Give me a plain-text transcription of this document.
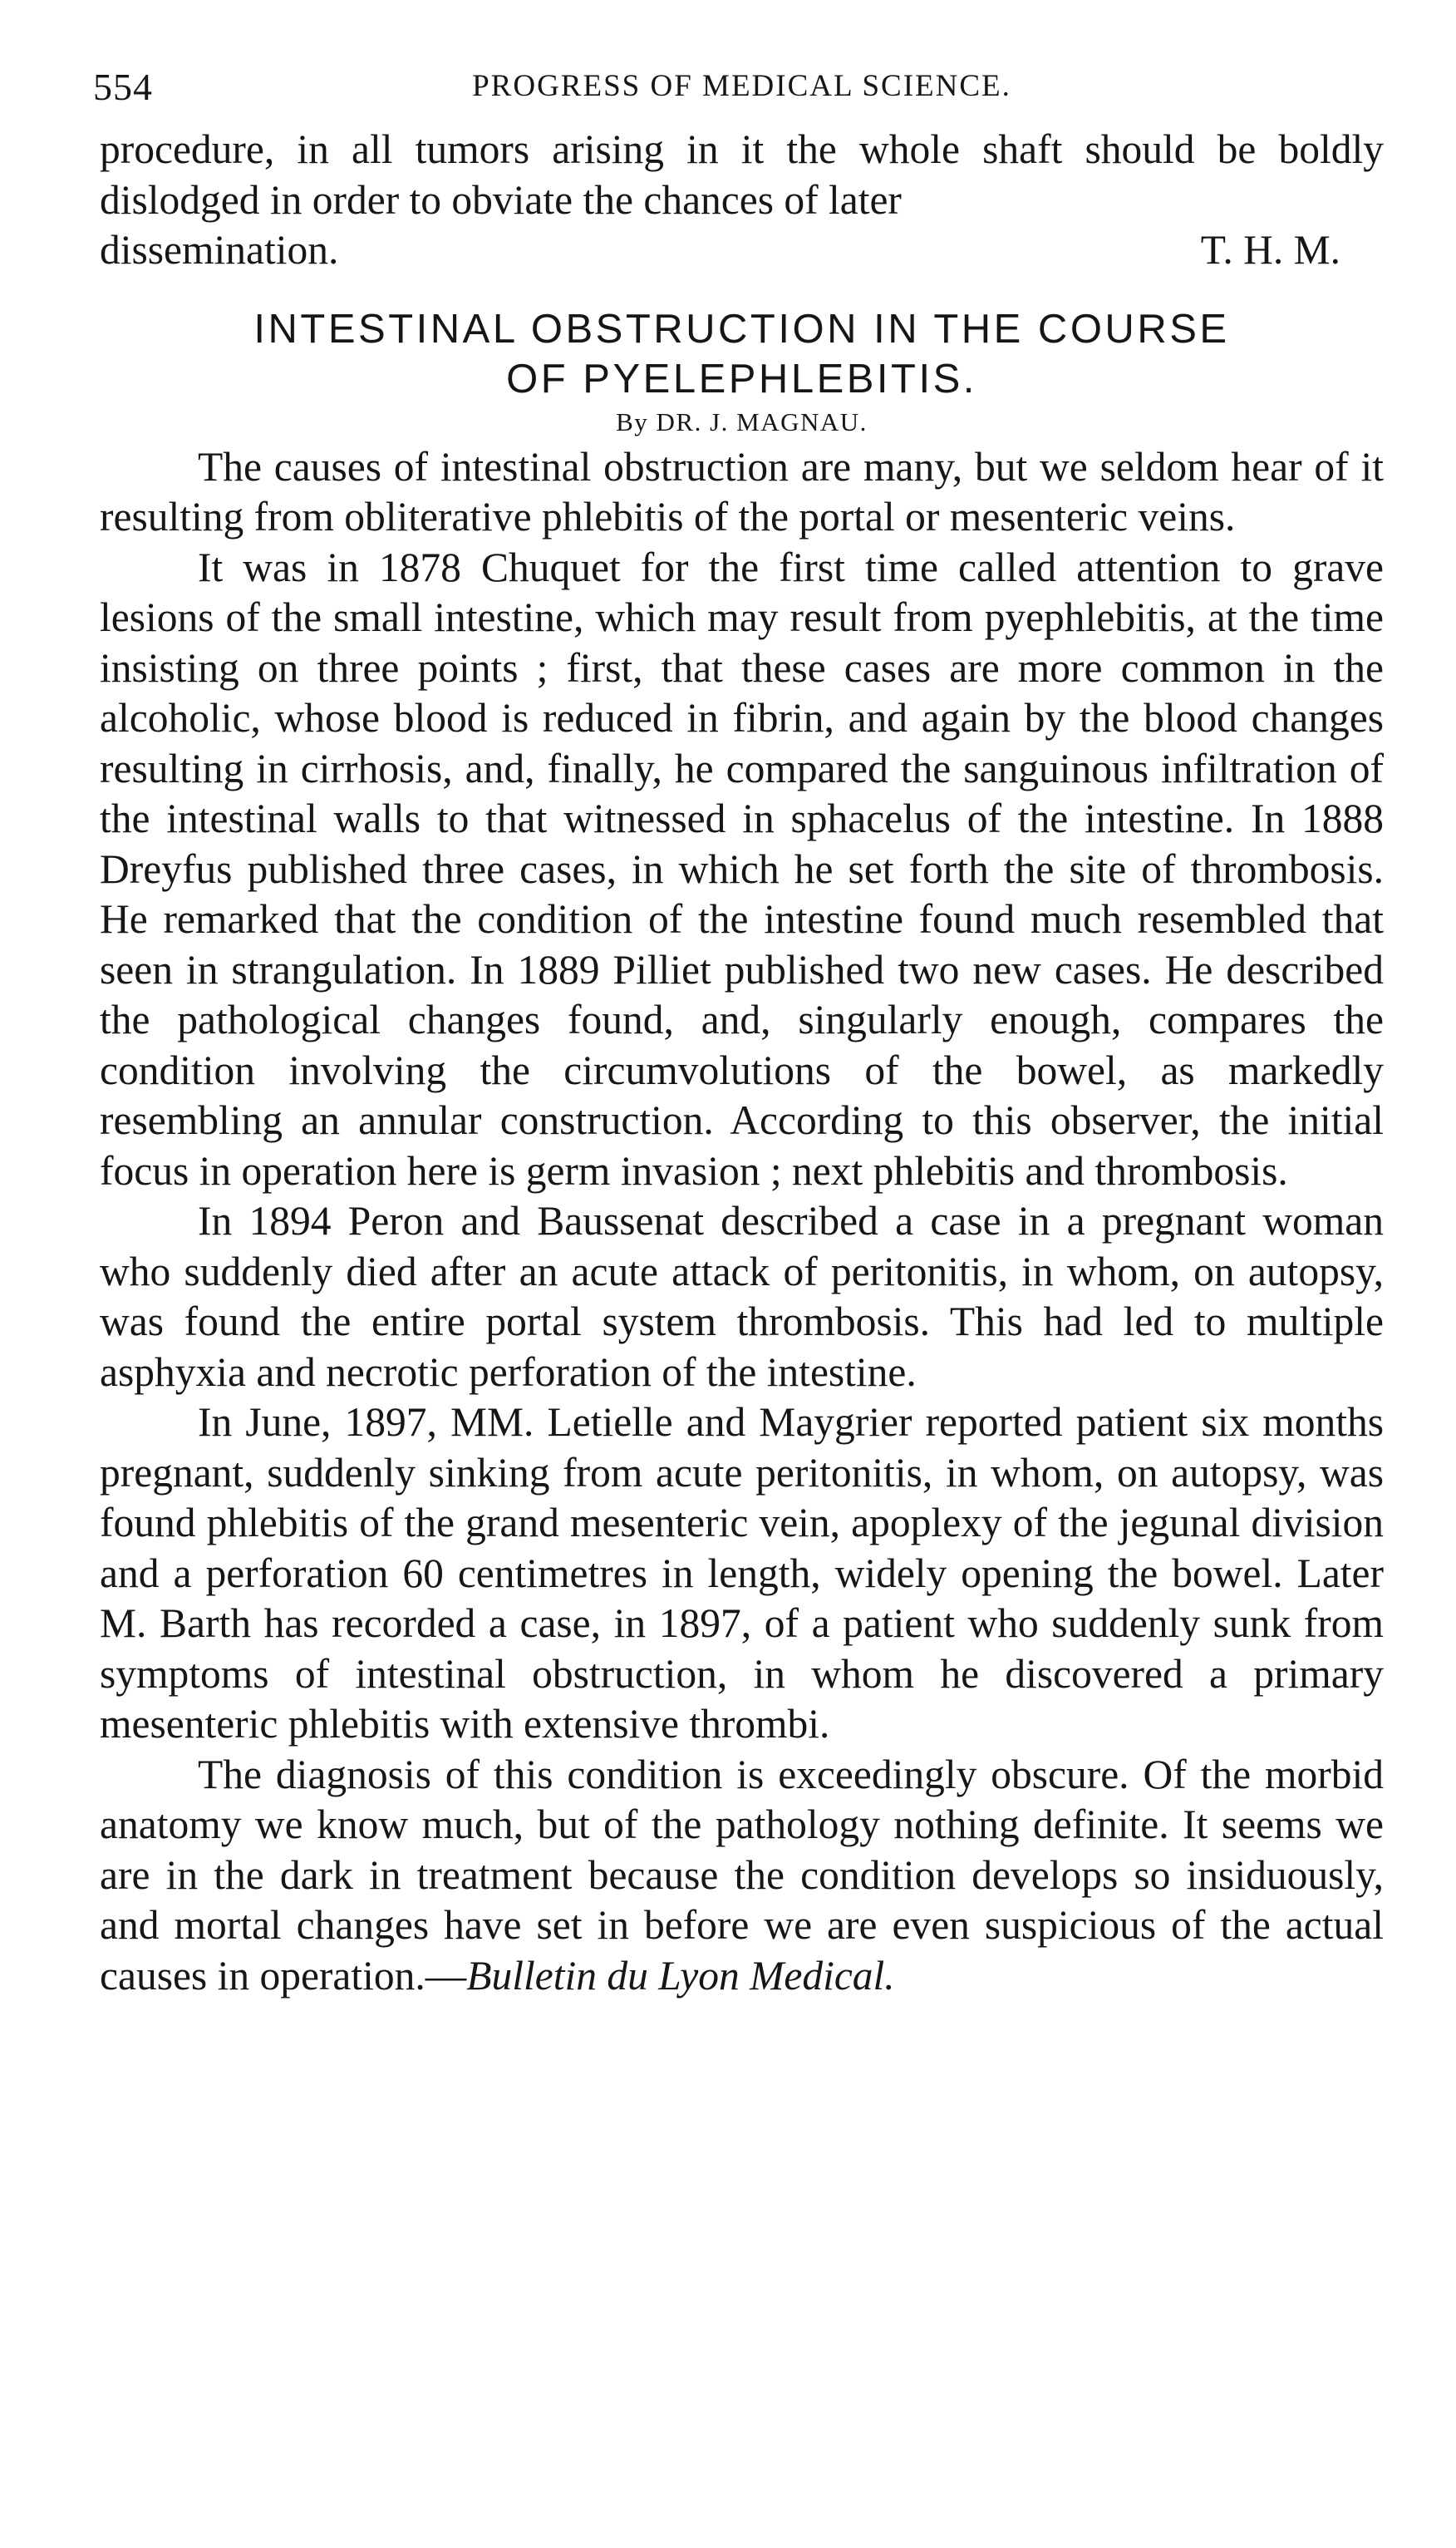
554	PROGRESS OF MEDICAL SCIENCE.

procedure, in all tumors arising in it the whole shaft should be boldly dislodged in order to obviate the chances of later

dissemination.	T. H. M.

INTESTINAL OBSTRUCTION IN THE COURSE
OF PYELEPHLEBITIS.
By DR. J. MAGNAU.

The causes of intestinal obstruction are many, but we seldom hear of it resulting from obliterative phlebitis of the portal or mesenteric veins.

It was in 1878 Chuquet for the first time called attention to grave lesions of the small intestine, which may result from pyephlebitis, at the time insisting on three points ; first, that these cases are more common in the alcoholic, whose blood is reduced in fibrin, and again by the blood changes resulting in cirrhosis, and, finally, he compared the sanguinous infiltration of the intestinal walls to that witnessed in sphacelus of the intestine. In 1888 Dreyfus published three cases, in which he set forth the site of thrombosis. He remarked that the condition of the intestine found much resembled that seen in strangulation. In 1889 Pilliet published two new cases. He described the pathological changes found, and, singularly enough, compares the condition involving the circumvolutions of the bowel, as markedly resembling an annular construction. According to this observer, the initial focus in operation here is germ invasion ; next phlebitis and thrombosis.

In 1894 Peron and Baussenat described a case in a pregnant woman who suddenly died after an acute attack of peritonitis, in whom, on autopsy, was found the entire portal system thrombosis. This had led to multiple asphyxia and necrotic perforation of the intestine.

In June, 1897, MM. Letielle and Maygrier reported patient six months pregnant, suddenly sinking from acute peritonitis, in whom, on autopsy, was found phlebitis of the grand mesenteric vein, apoplexy of the jegunal division and a perforation 60 centimetres in length, widely opening the bowel. Later M. Barth has recorded a case, in 1897, of a patient who suddenly sunk from symptoms of intestinal obstruction, in whom he discovered a primary mesenteric phlebitis with extensive thrombi.

The diagnosis of this condition is exceedingly obscure. Of the morbid anatomy we know much, but of the pathology nothing definite. It seems we are in the dark in treatment because the condition develops so insiduously, and mortal changes have set in before we are even suspicious of the actual causes in operation.—Bulletin du Lyon Medical.
